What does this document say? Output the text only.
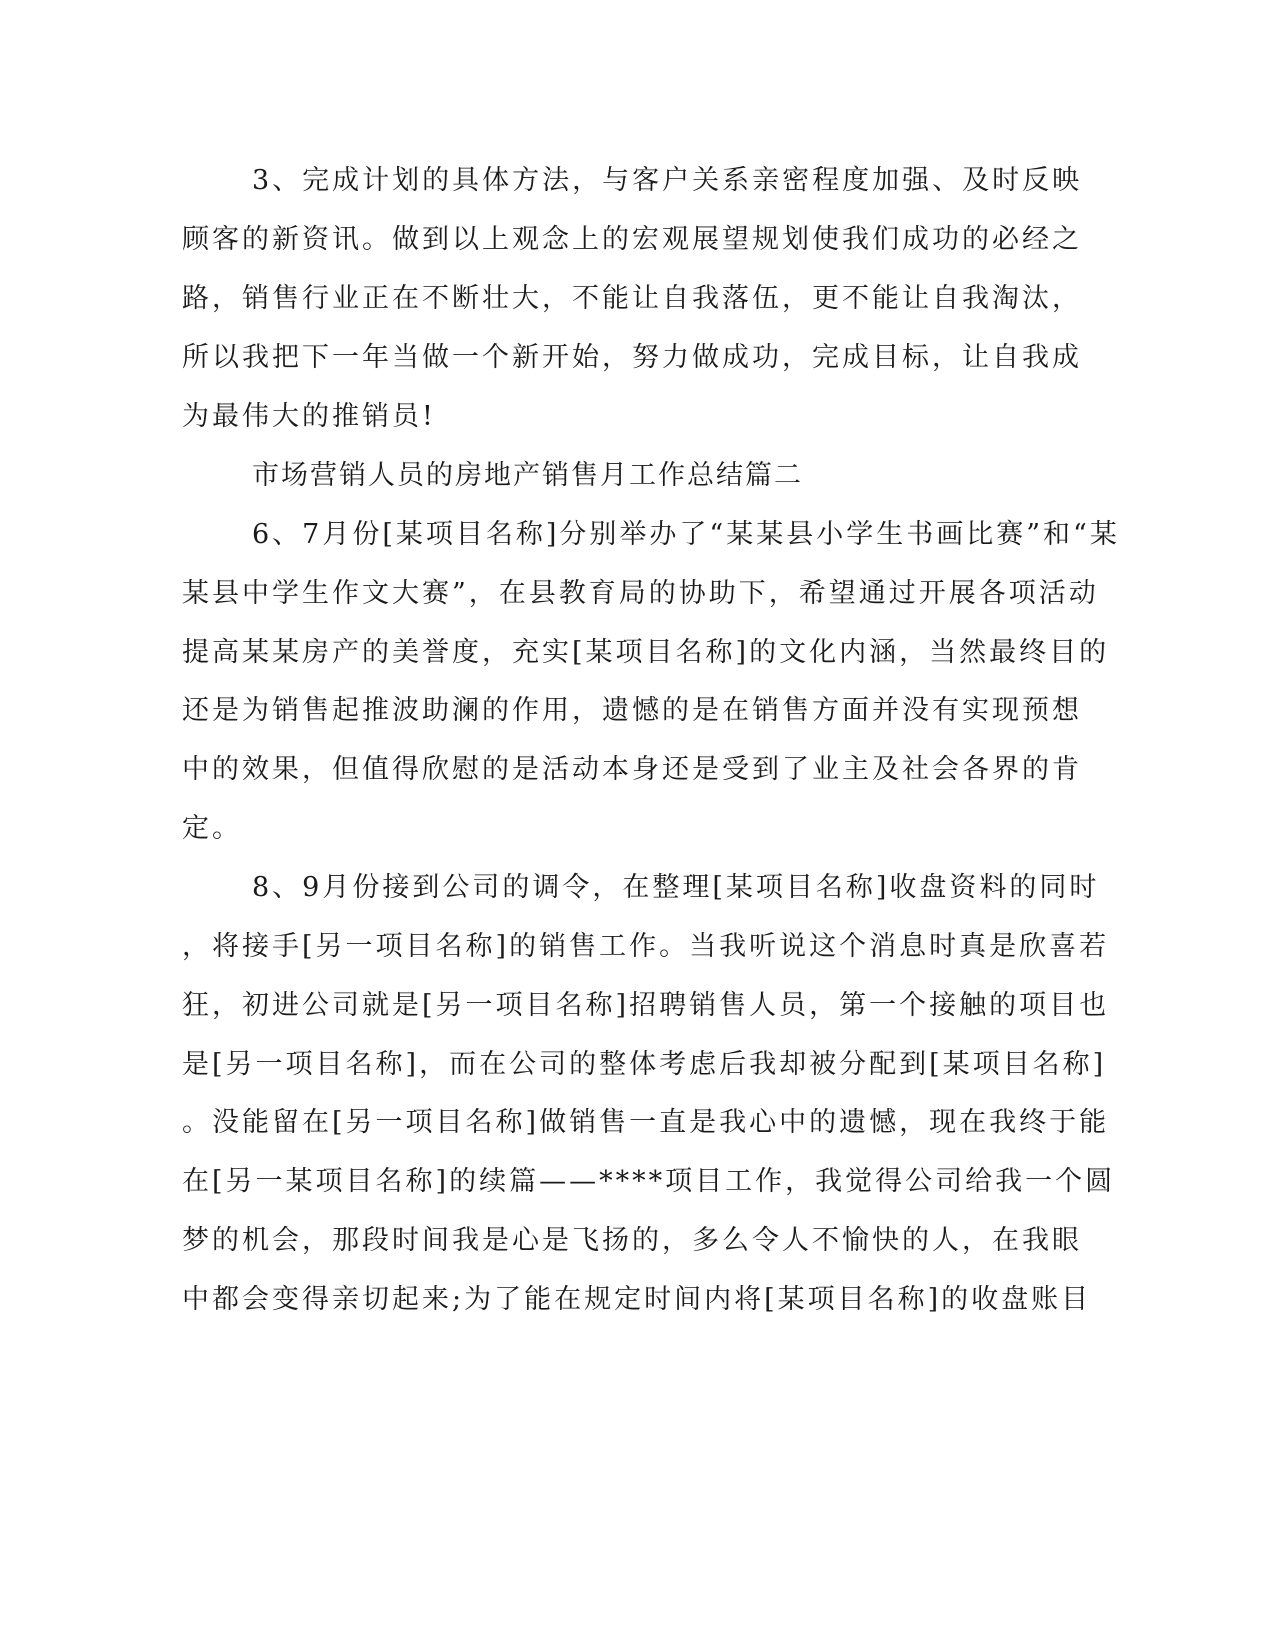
3、完成计划的具体方法，与客户关系亲密程度加强、及时反映
顾客的新资讯。做到以上观念上的宏观展望规划使我们成功的必经之
路，销售行业正在不断壮大，不能让自我落伍，更不能让自我淘汰，
所以我把下一年当做一个新开始，努力做成功，完成目标，让自我成
为最伟大的推销员!
市场营销人员的房地产销售月工作总结篇二
6、7月份[某项目名称]分别举办了“某某县小学生书画比赛”和“某
某县中学生作文大赛”，在县教育局的协助下，希望通过开展各项活动
提高某某房产的美誉度，充实[某项目名称]的文化内涵，当然最终目的
还是为销售起推波助澜的作用，遗憾的是在销售方面并没有实现预想
中的效果，但值得欣慰的是活动本身还是受到了业主及社会各界的肯
定。
8、9月份接到公司的调令，在整理[某项目名称]收盘资料的同时
，将接手[另一项目名称]的销售工作。当我听说这个消息时真是欣喜若
狂，初进公司就是[另一项目名称]招聘销售人员，第一个接触的项目也
是[另一项目名称]，而在公司的整体考虑后我却被分配到[某项目名称]
。没能留在[另一项目名称]做销售一直是我心中的遗憾，现在我终于能
在[另一某项目名称]的续篇——****项目工作，我觉得公司给我一个圆
梦的机会，那段时间我是心是飞扬的，多么令人不愉快的人，在我眼
中都会变得亲切起来;为了能在规定时间内将[某项目名称]的收盘账目
